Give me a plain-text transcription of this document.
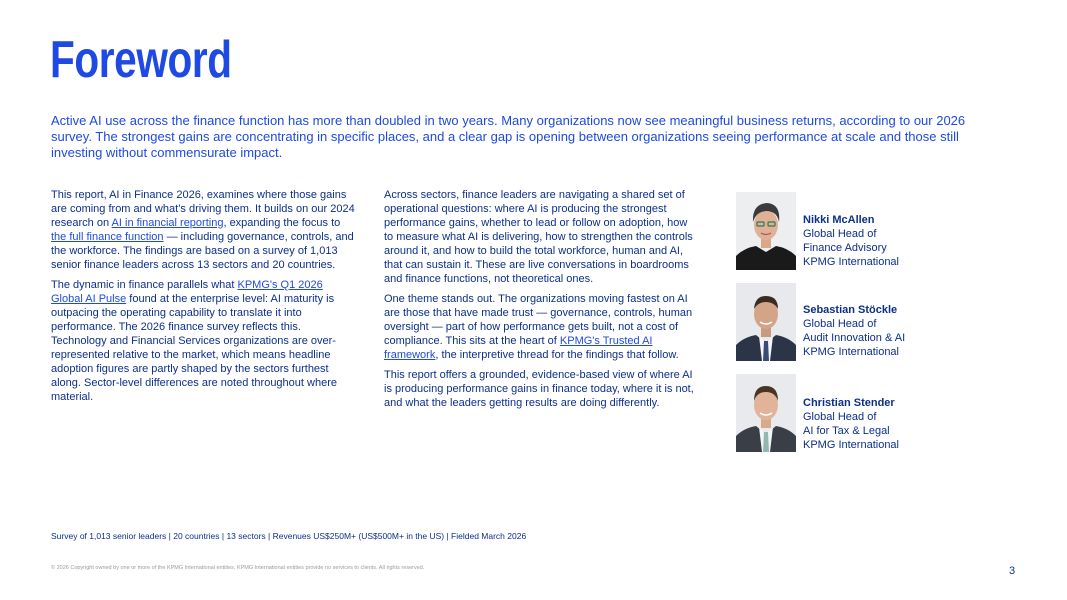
Foreword

Active AI use across the finance function has more than doubled in two years. Many organizations now see meaningful business returns, according to our 2026 survey. The strongest gains are concentrating in specific places, and a clear gap is opening between organizations seeing performance at scale and those still investing without commensurate impact.

This report, AI in Finance 2026, examines where those gains are coming from and what’s driving them. It builds on our 2024 research on AI in financial reporting, expanding the focus to the full finance function — including governance, controls, and the workforce. The findings are based on a survey of 1,013 senior finance leaders across 13 sectors and 20 countries.

The dynamic in finance parallels what KPMG's Q1 2026 Global AI Pulse found at the enterprise level: AI maturity is outpacing the operating capability to translate it into performance. The 2026 finance survey reflects this. Technology and Financial Services organizations are over-represented relative to the market, which means headline adoption figures are partly shaped by the sectors furthest along. Sector-level differences are noted throughout where material.

Across sectors, finance leaders are navigating a shared set of operational questions: where AI is producing the strongest performance gains, whether to lead or follow on adoption, how to measure what AI is delivering, how to strengthen the controls around it, and how to build the total workforce, human and AI, that can sustain it. These are live conversations in boardrooms and finance functions, not theoretical ones.

One theme stands out. The organizations moving fastest on AI are those that have made trust — governance, controls, human oversight — part of how performance gets built, not a cost of compliance. This sits at the heart of KPMG's Trusted AI framework, the interpretive thread for the findings that follow.

This report offers a grounded, evidence-based view of where AI is producing performance gains in finance today, where it is not, and what the leaders getting results are doing differently.

Nikki McAllen
Global Head of
Finance Advisory
KPMG International
Sebastian Stöckle
Global Head of
Audit Innovation & AI
KPMG International
Christian Stender
Global Head of
AI for Tax & Legal
KPMG International
Survey of 1,013 senior leaders | 20 countries | 13 sectors | Revenues US$250M+ (US$500M+ in the US) | Fielded March 2026
© 2026 Copyright owned by one or more of the KPMG International entities. KPMG International entities provide no services to clients. All rights reserved.	3
